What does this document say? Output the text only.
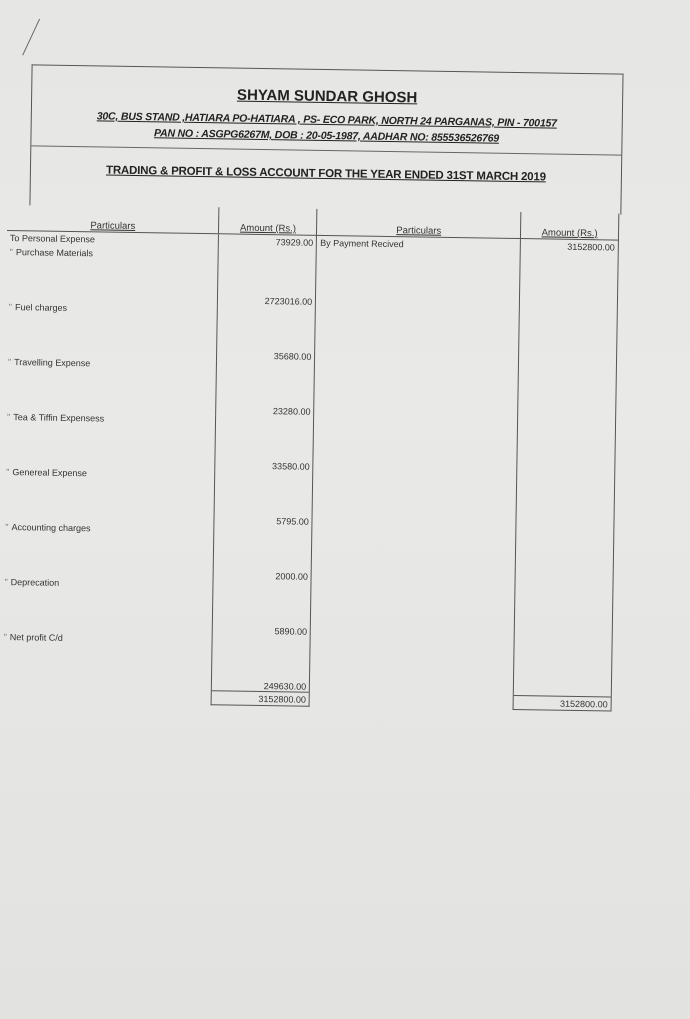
SHYAM SUNDAR GHOSH
30C, BUS STAND ,HATIARA PO-HATIARA , PS- ECO PARK, NORTH 24 PARGANAS, PIN - 700157
PAN NO : ASGPG6267M, DOB : 20-05-1987, AADHAR NO: 855536526769
TRADING & PROFIT & LOSS ACCOUNT FOR THE YEAR ENDED 31ST MARCH 2019
Particulars	Amount (Rs.)	Particulars	Amount (Rs.)
To Personal Expense	73929.00	By Payment Recived	3152800.00
" Purchase Materials	2723016.00		
" Fuel charges	35680.00		
" Travelling Expense	23280.00		
" Tea & Tiffin Expensess	33580.00		
" Genereal Expense	5795.00		
" Accounting charges	2000.00		
" Deprecation	5890.00		
" Net profit C/d	249630.00		
	3152800.00		3152800.00
